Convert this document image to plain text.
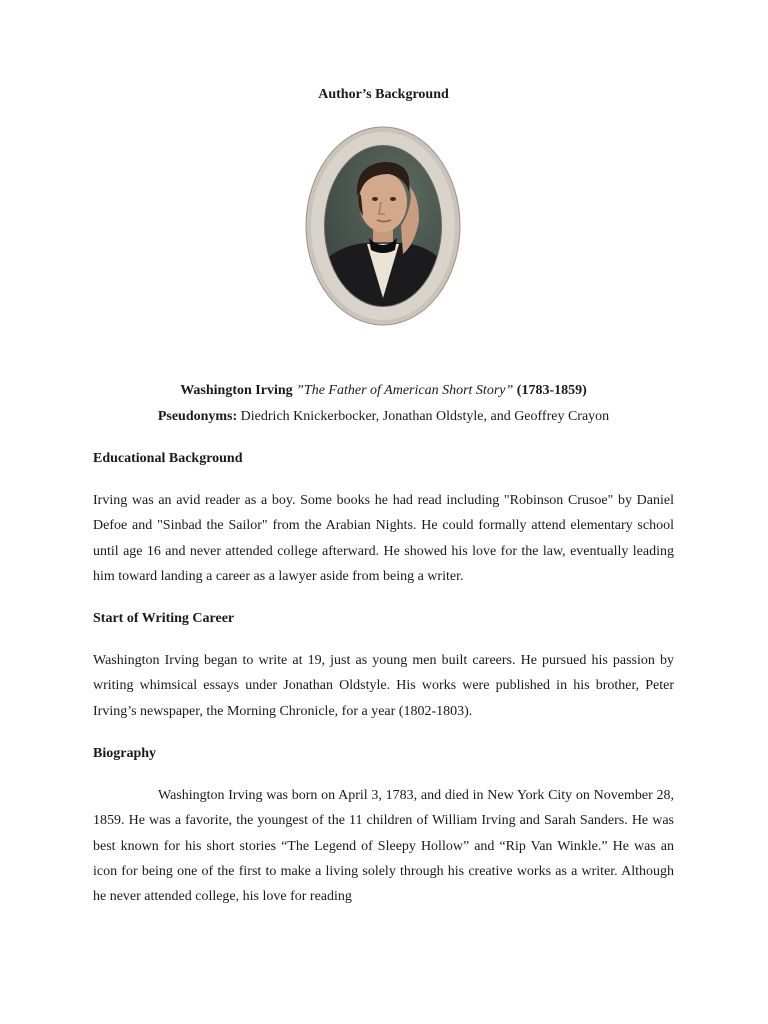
Author’s Background
Washington Irving ”The Father of American Short Story” (1783-1859)
Pseudonyms: Diedrich Knickerbocker, Jonathan Oldstyle, and Geoffrey Crayon
Educational Background

Irving was an avid reader as a boy. Some books he had read including "Robinson Crusoe" by Daniel Defoe and "Sinbad the Sailor" from the Arabian Nights. He could formally attend elementary school until age 16 and never attended college afterward. He showed his love for the law, eventually leading him toward landing a career as a lawyer aside from being a writer.

Start of Writing Career

Washington Irving began to write at 19, just as young men built careers. He pursued his passion by writing whimsical essays under Jonathan Oldstyle. His works were published in his brother, Peter Irving’s newspaper, the Morning Chronicle, for a year (1802-1803).

Biography

Washington Irving was born on April 3, 1783, and died in New York City on November 28, 1859. He was a favorite, the youngest of the 11 children of William Irving and Sarah Sanders. He was best known for his short stories “The Legend of Sleepy Hollow” and “Rip Van Winkle.” He was an icon for being one of the first to make a living solely through his creative works as a writer. Although he never attended college, his love for reading
